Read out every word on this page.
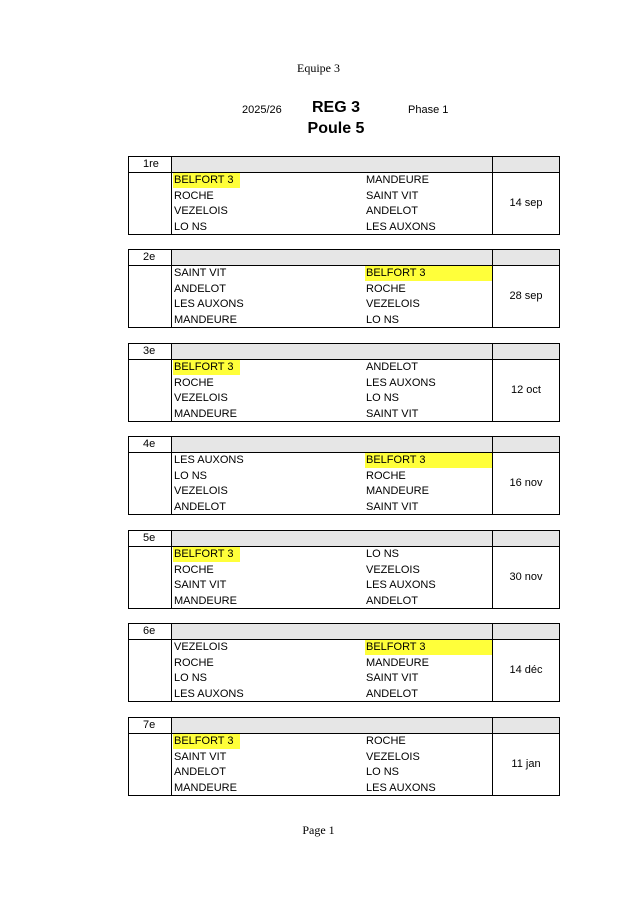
Equipe 3
2025/26	REG 3	Phase 1
Poule 5
1re
BELFORT 3	MANDEURE
ROCHE	SAINT VIT
VEZELOIS	ANDELOT
LO NS	LES AUXONS
14 sep
2e
SAINT VIT	BELFORT 3
ANDELOT	ROCHE
LES AUXONS	VEZELOIS
MANDEURE	LO NS
28 sep
3e
BELFORT 3	ANDELOT
ROCHE	LES AUXONS
VEZELOIS	LO NS
MANDEURE	SAINT VIT
12 oct
4e
LES AUXONS	BELFORT 3
LO NS	ROCHE
VEZELOIS	MANDEURE
ANDELOT	SAINT VIT
16 nov
5e
BELFORT 3	LO NS
ROCHE	VEZELOIS
SAINT VIT	LES AUXONS
MANDEURE	ANDELOT
30 nov
6e
VEZELOIS	BELFORT 3
ROCHE	MANDEURE
LO NS	SAINT VIT
LES AUXONS	ANDELOT
14 déc
7e
BELFORT 3	ROCHE
SAINT VIT	VEZELOIS
ANDELOT	LO NS
MANDEURE	LES AUXONS
11 jan
Page 1
